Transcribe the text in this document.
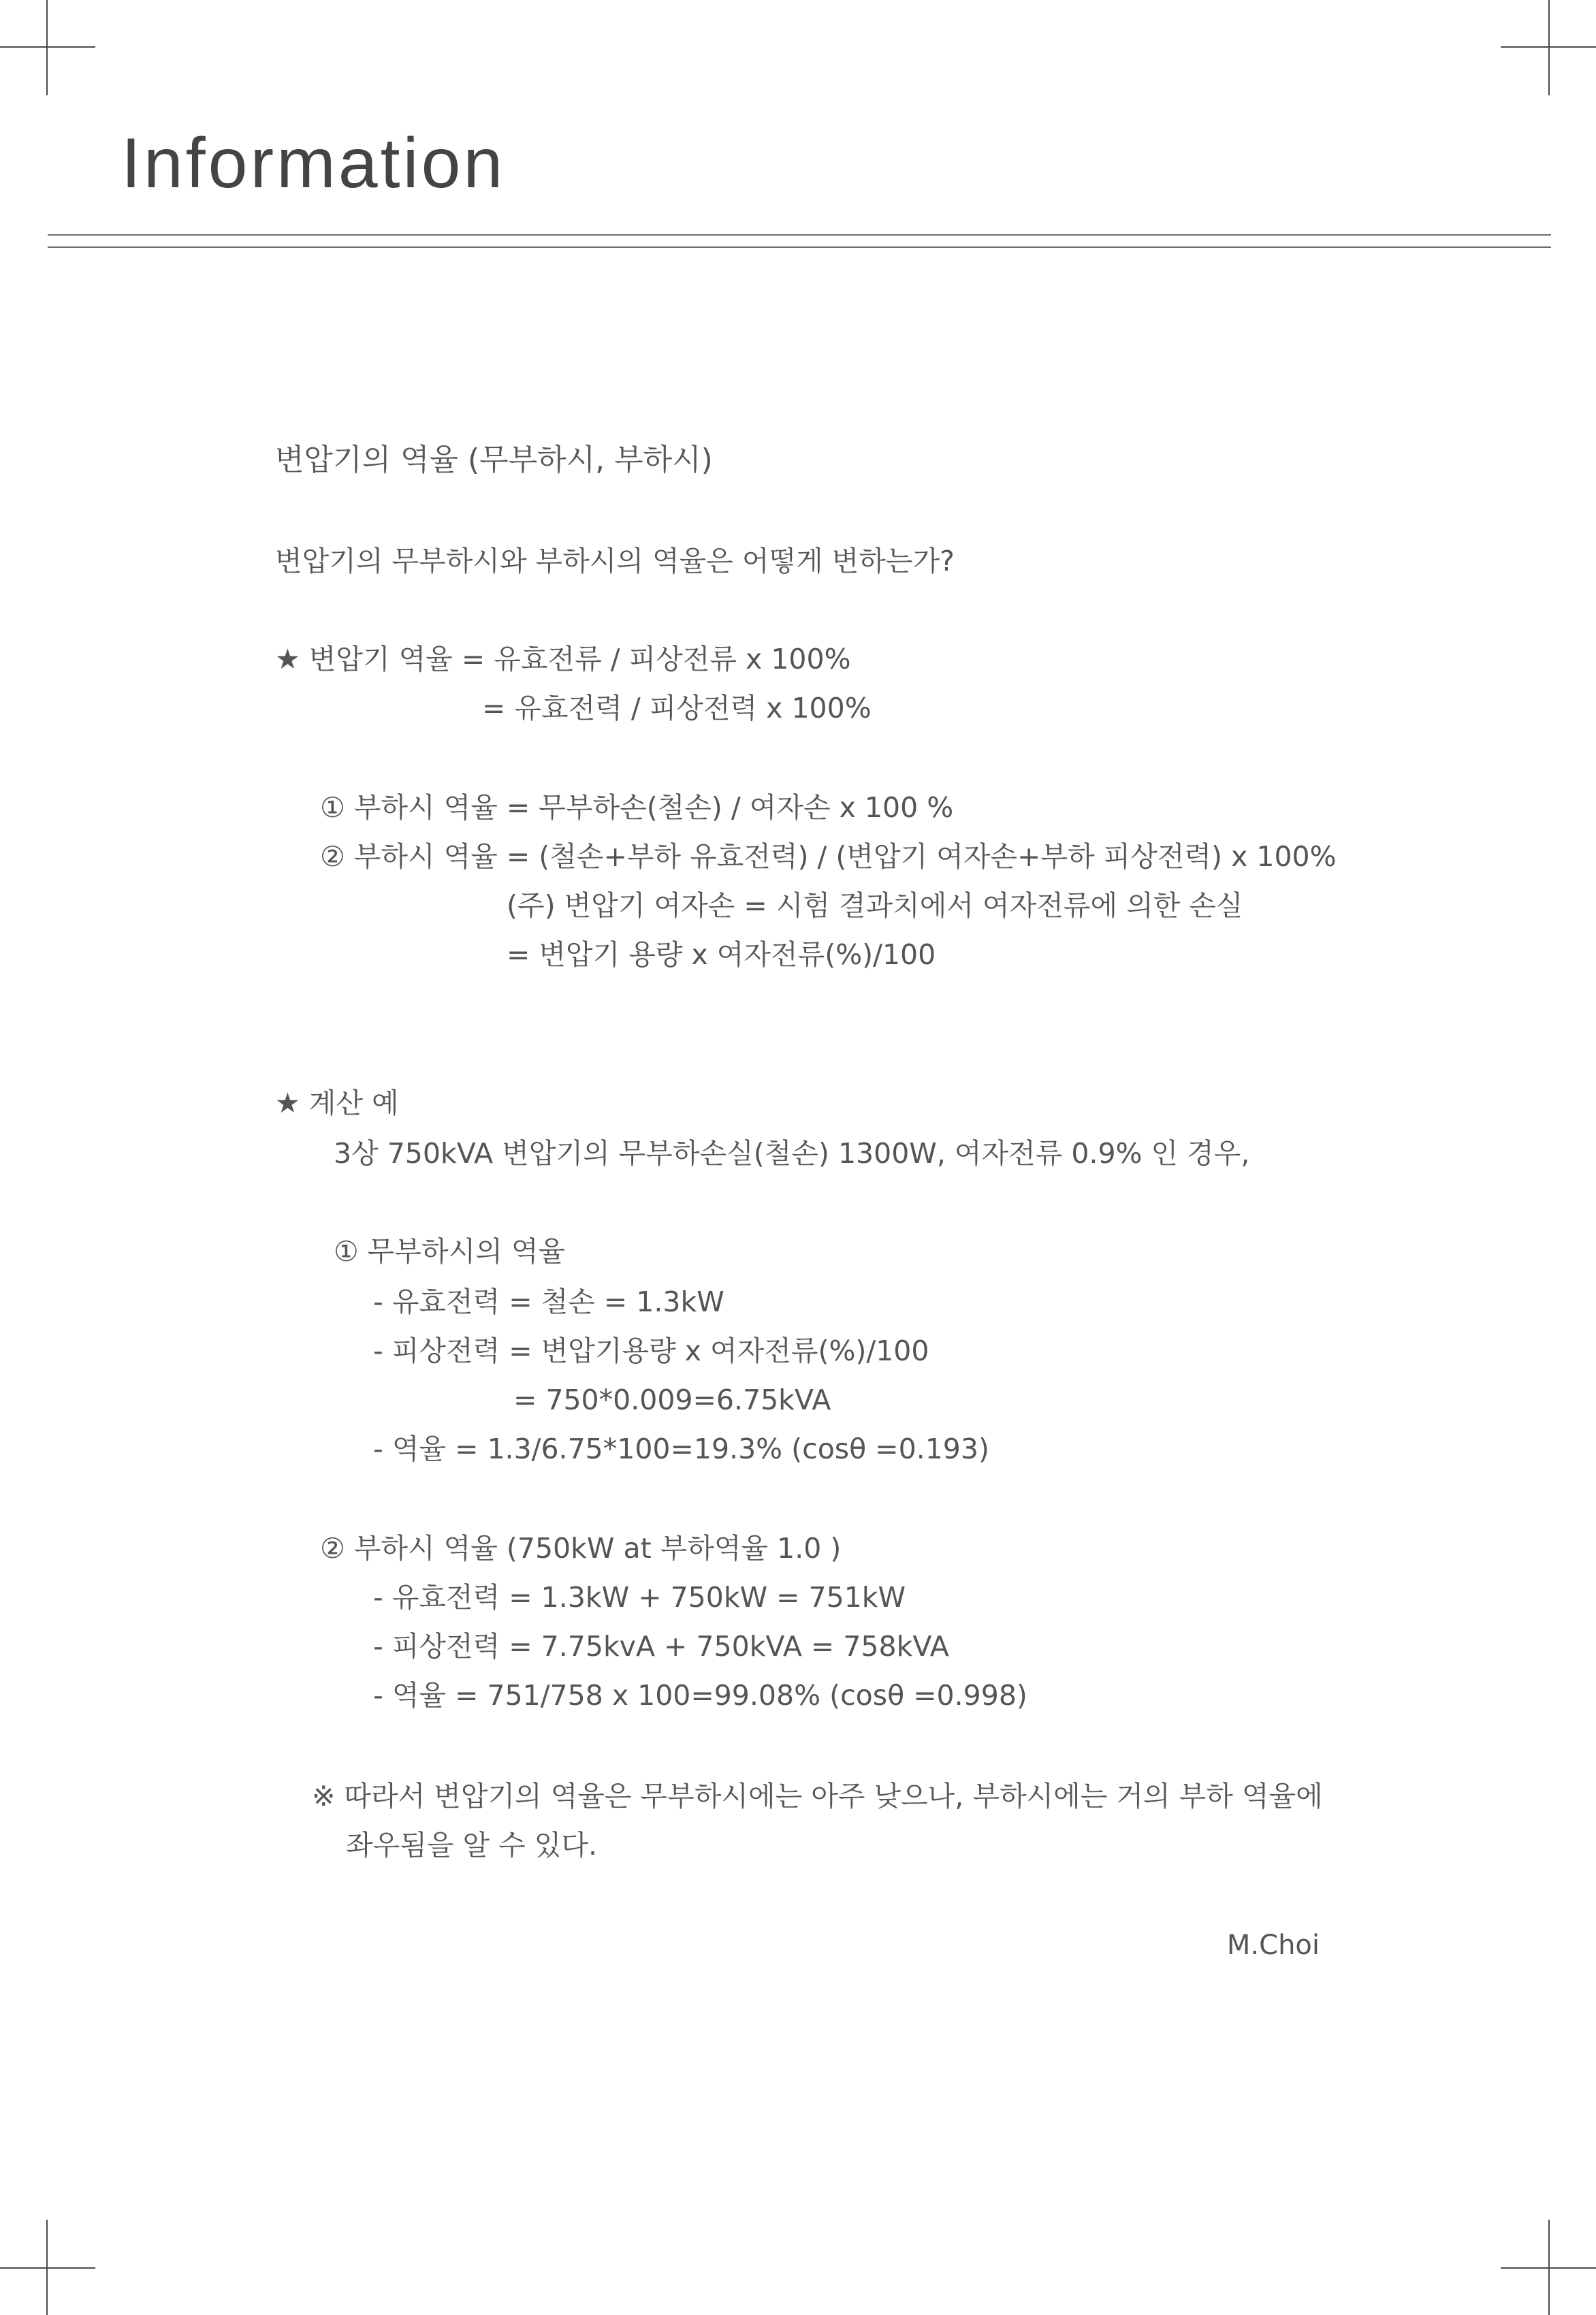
Information
변압기의 역율 (무부하시, 부하시)
변압기의 무부하시와 부하시의 역율은 어떻게 변하는가?
★ 변압기 역율 = 유효전류 / 피상전류 x 100%
= 유효전력 / 피상전력 x 100%
① 부하시 역율 = 무부하손(철손) / 여자손 x 100 %
② 부하시 역율 = (철손+부하 유효전력) / (변압기 여자손+부하 피상전력) x 100%
(주) 변압기 여자손 = 시험 결과치에서 여자전류에 의한 손실
= 변압기 용량 x 여자전류(%)/100
★ 계산 예
3상 750kVA 변압기의 무부하손실(철손) 1300W, 여자전류 0.9% 인 경우,
① 무부하시의 역율
- 유효전력 = 철손 = 1.3kW
- 피상전력 = 변압기용량 x 여자전류(%)/100
= 750*0.009=6.75kVA
- 역율 = 1.3/6.75*100=19.3% (cosθ =0.193)
② 부하시 역율 (750kW at 부하역율 1.0 )
- 유효전력 = 1.3kW + 750kW = 751kW
- 피상전력 = 7.75kvA + 750kVA = 758kVA
- 역율 = 751/758 x 100=99.08% (cosθ =0.998)
※ 따라서 변압기의 역율은 무부하시에는 아주 낮으나, 부하시에는 거의 부하 역율에
좌우됨을 알 수 있다.
M.Choi
